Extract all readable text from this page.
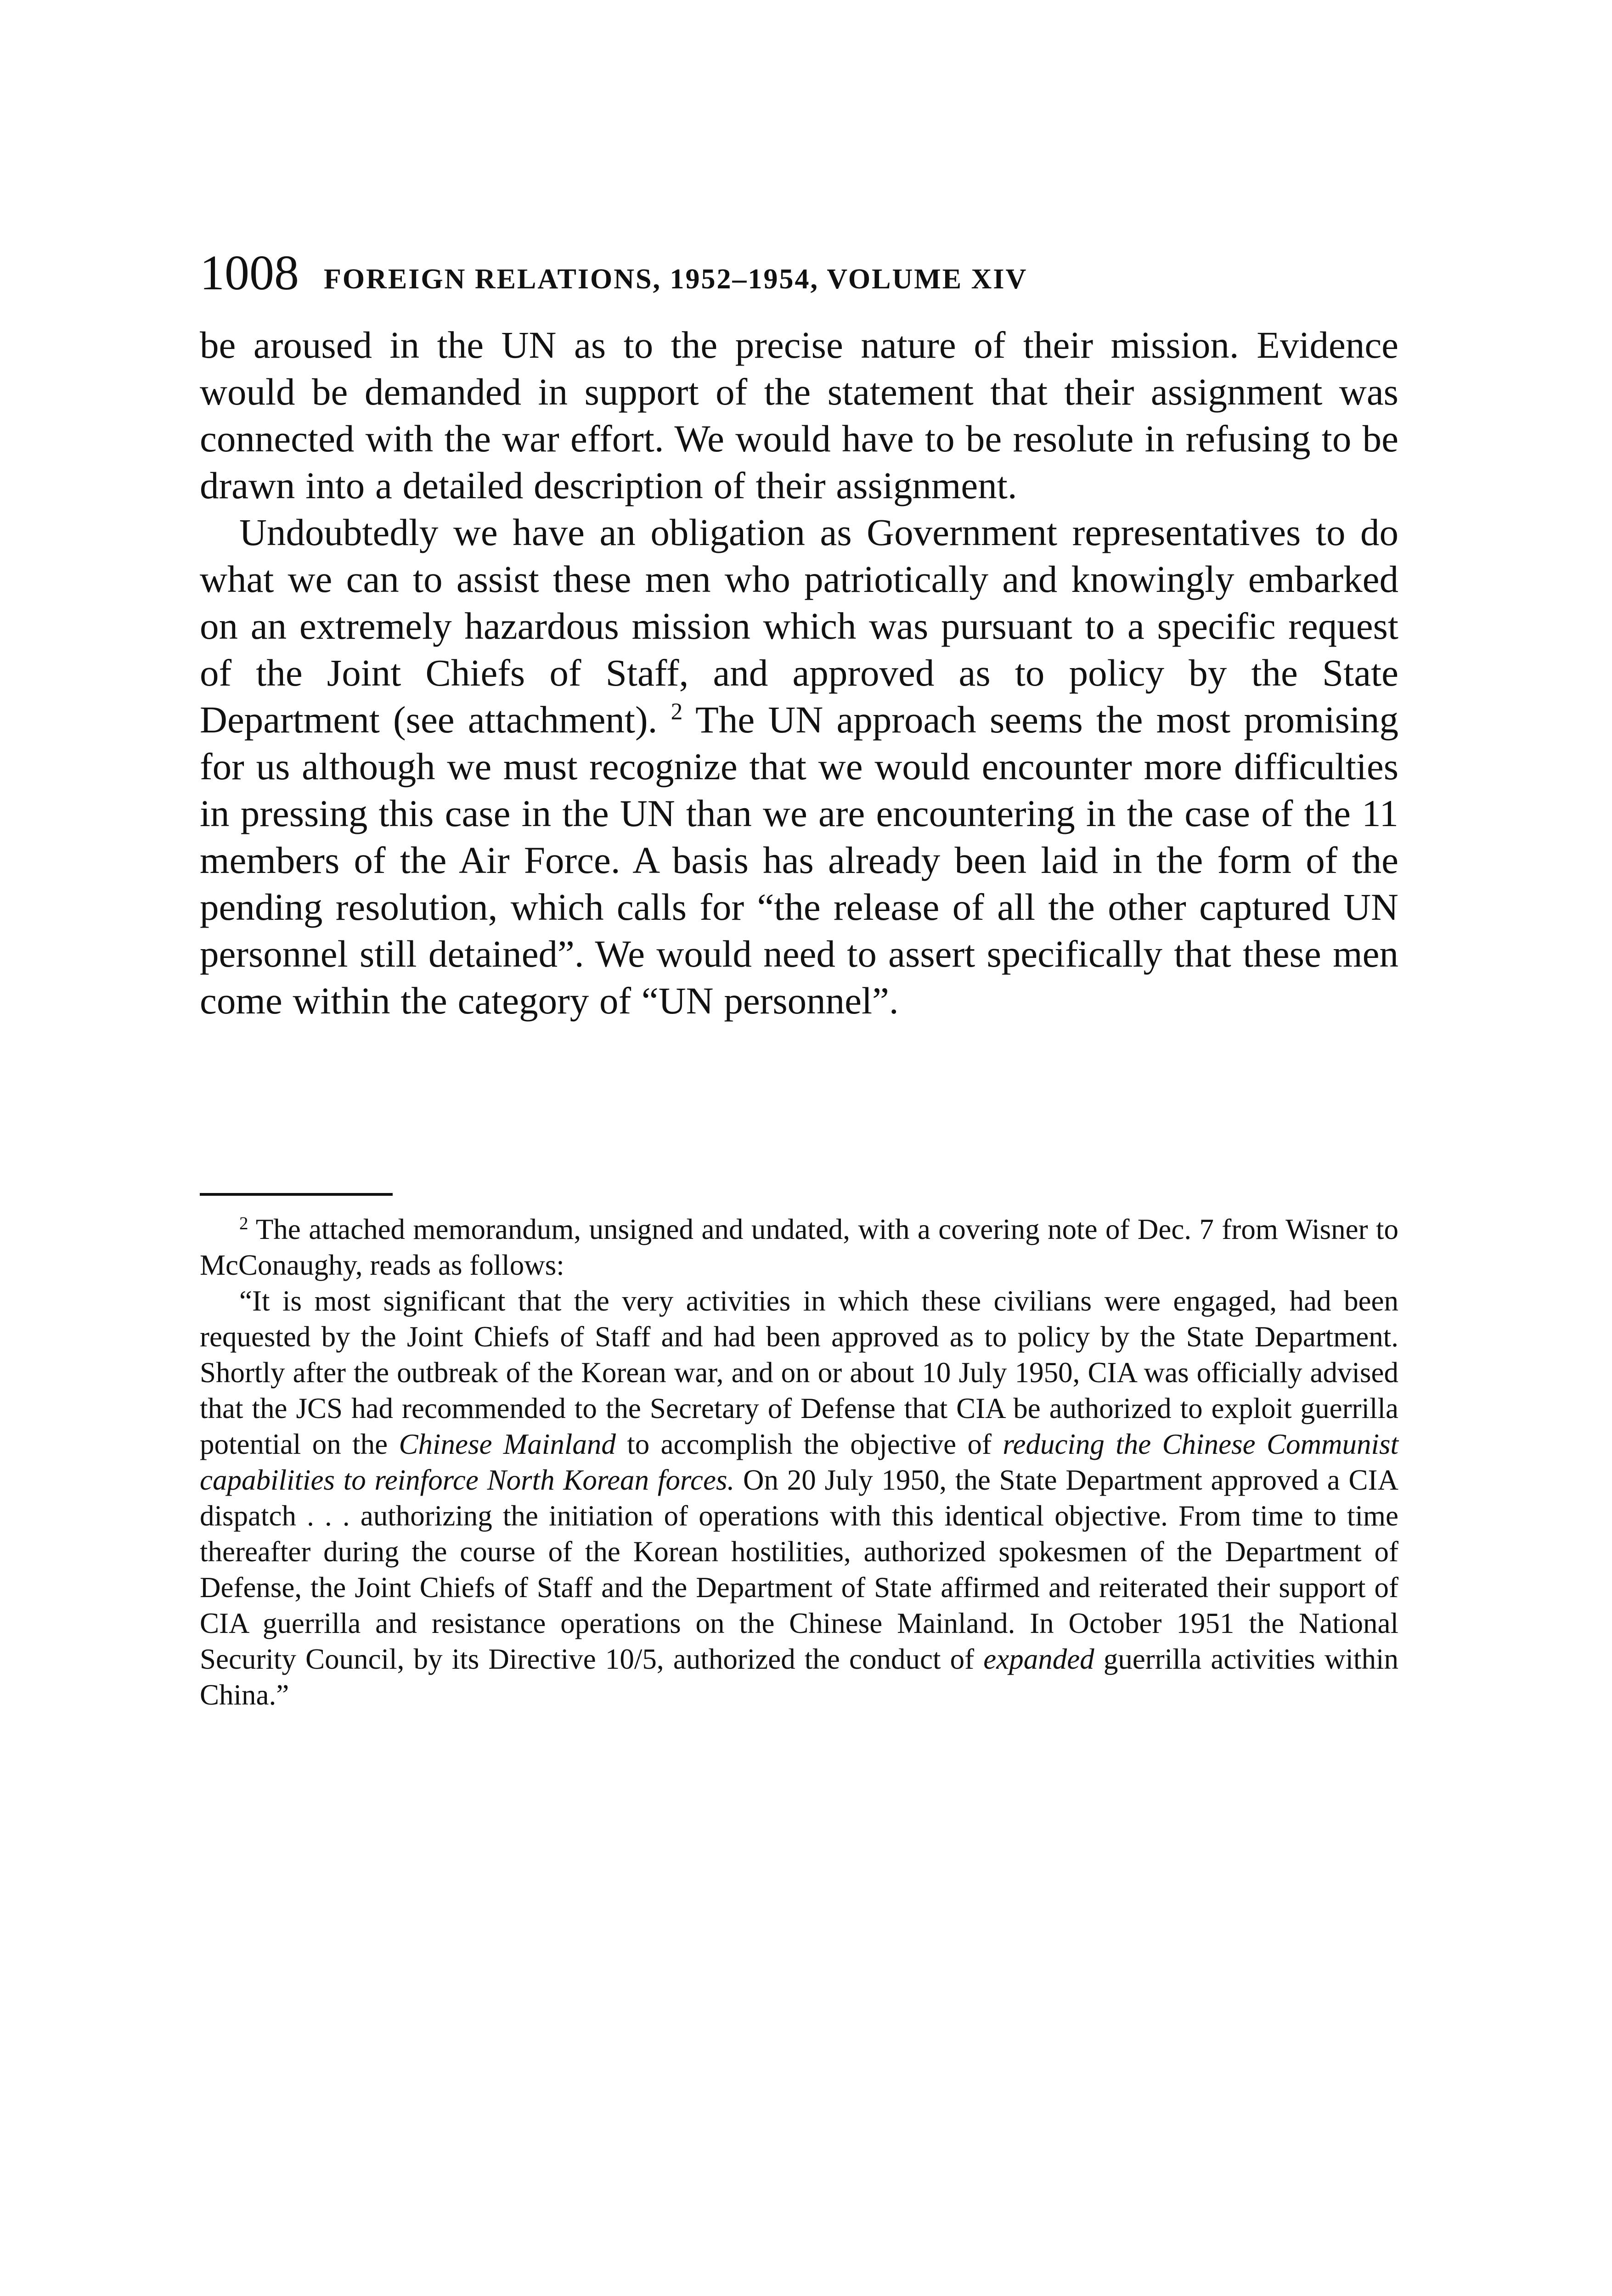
1008 FOREIGN RELATIONS, 1952–1954, VOLUME XIV

be aroused in the UN as to the precise nature of their mission. Evidence would be demanded in support of the statement that their assignment was connected with the war effort. We would have to be resolute in refusing to be drawn into a detailed description of their assignment.

Undoubtedly we have an obligation as Government representatives to do what we can to assist these men who patriotically and knowingly embarked on an extremely hazardous mission which was pursuant to a specific request of the Joint Chiefs of Staff, and approved as to policy by the State Department (see attachment). $^2$ The UN approach seems the most promising for us although we must recognize that we would encounter more difficulties in pressing this case in the UN than we are encountering in the case of the 11 members of the Air Force. A basis has already been laid in the form of the pending resolution, which calls for “the release of all the other captured UN personnel still detained”. We would need to assert specifically that these men come within the category of “UN personnel”.

$^2$ The attached memorandum, unsigned and undated, with a covering note of Dec. 7 from Wisner to McConaughy, reads as follows:

“It is most significant that the very activities in which these civilians were engaged, had been requested by the Joint Chiefs of Staff and had been approved as to policy by the State Department. Shortly after the outbreak of the Korean war, and on or about 10 July 1950, CIA was officially advised that the JCS had recommended to the Secretary of Defense that CIA be authorized to exploit guerrilla potential on the Chinese Mainland to accomplish the objective of reducing the Chinese Communist capabilities to reinforce North Korean forces. On 20 July 1950, the State Department approved a CIA dispatch . . . authorizing the initiation of operations with this identical objective. From time to time thereafter during the course of the Korean hostilities, authorized spokesmen of the Department of Defense, the Joint Chiefs of Staff and the Department of State affirmed and reiterated their support of CIA guerrilla and resistance operations on the Chinese Mainland. In October 1951 the National Security Council, by its Directive 10/5, authorized the conduct of expanded guerrilla activities within China.”
